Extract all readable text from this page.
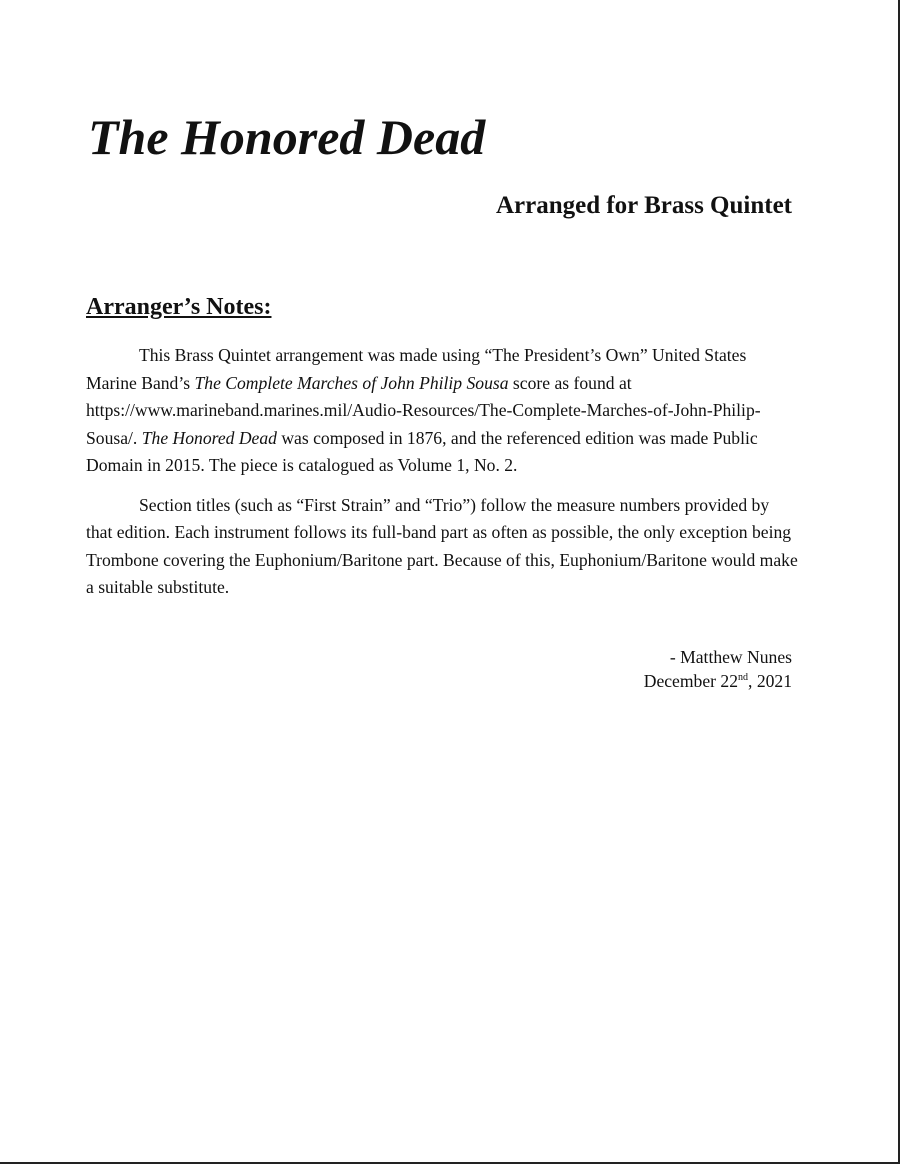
The Honored Dead
Arranged for Brass Quintet
Arranger’s Notes:

This Brass Quintet arrangement was made using “The President’s Own” United States Marine Band’s The Complete Marches of John Philip Sousa score as found at https://www.marineband.marines.mil/Audio-Resources/The-Complete-Marches-of-John-Philip-Sousa/. The Honored Dead was composed in 1876, and the referenced edition was made Public Domain in 2015. The piece is catalogued as Volume 1, No. 2.

Section titles (such as “First Strain” and “Trio”) follow the measure numbers provided by that edition. Each instrument follows its full-band part as often as possible, the only exception being Trombone covering the Euphonium/Baritone part. Because of this, Euphonium/Baritone would make a suitable substitute.

- Matthew Nunes
December 22nd, 2021
